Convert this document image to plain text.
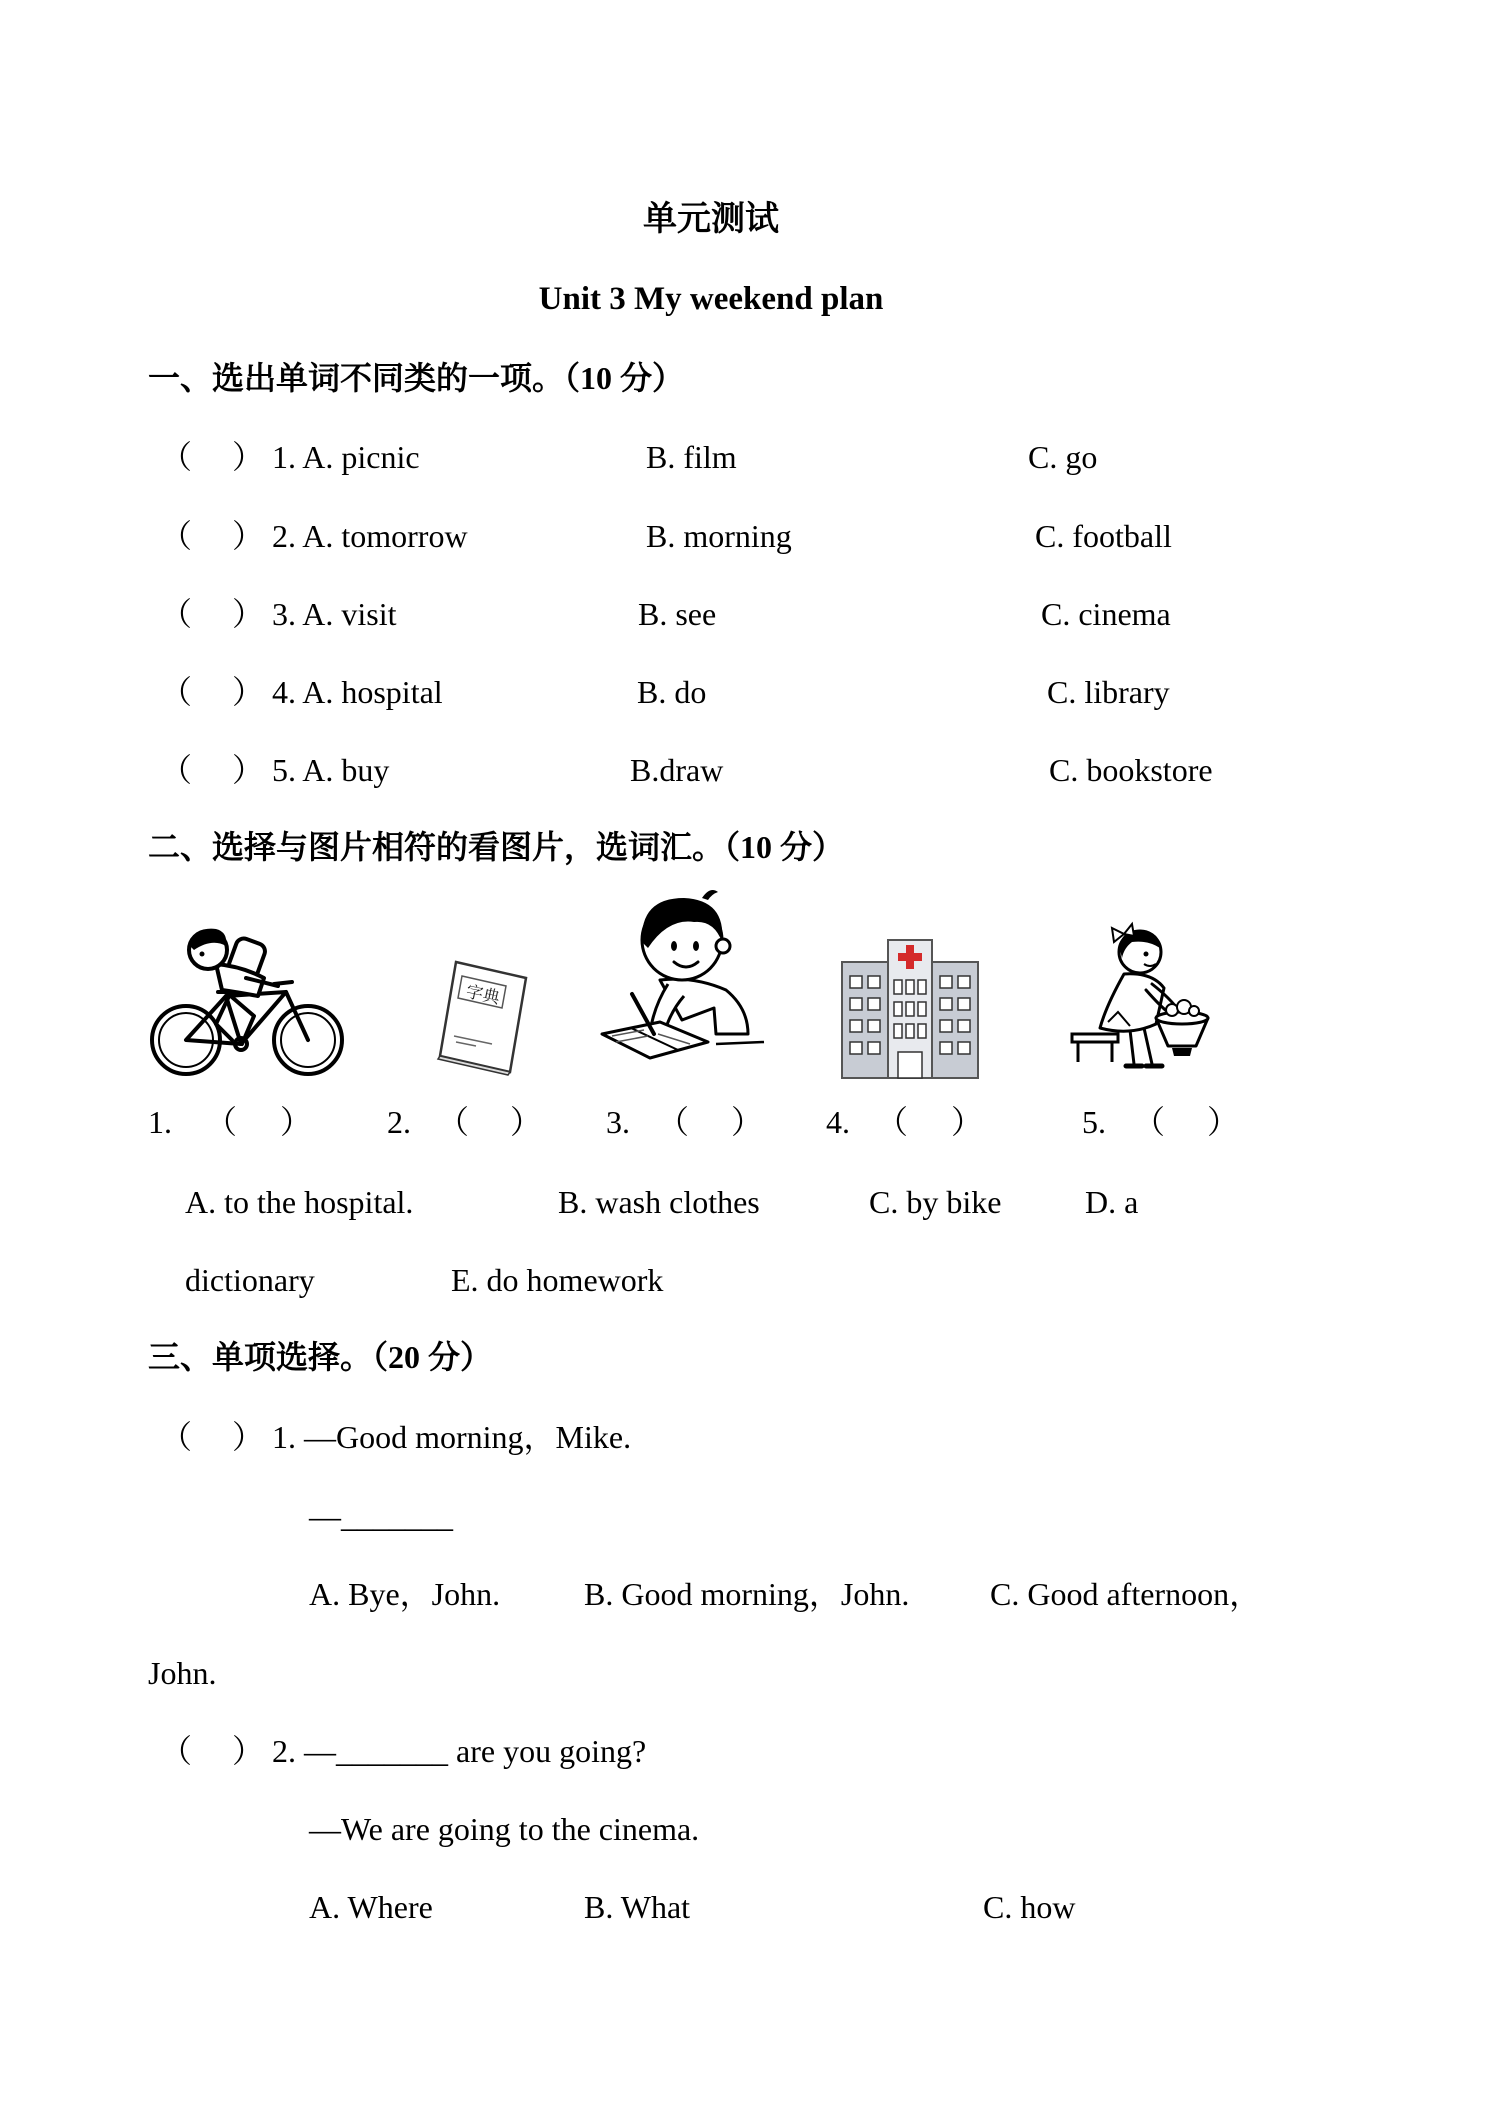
单元测试
Unit 3 My weekend plan
一、选出单词不同类的一项。（10 分）
（ ） 1. A. picnic	B. film	C. go
（ ） 2. A. tomorrow	B. morning	C. football
（ ） 3. A. visit	B. see	C. cinema
（ ） 4. A. hospital	B. do	C. library
（ ） 5. A. buy	B.draw	C. bookstore
二、选择与图片相符的看图片，选词汇。（10 分）
字典
1. （ ） 2. （ ） 3. （ ） 4. （ ）	5. （ ）
A. to the hospital.	B. wash clothes	C. by bike	D. a
dictionary	E. do homework
三、单项选择。（20 分）
（ ） 1. —Good morning，Mike.
—_______
A. Bye，John.	B. Good morning，John.	C. Good afternoon，
John.
（ ） 2. —_______ are you going?
—We are going to the cinema.
A. Where	B. What	C. how
